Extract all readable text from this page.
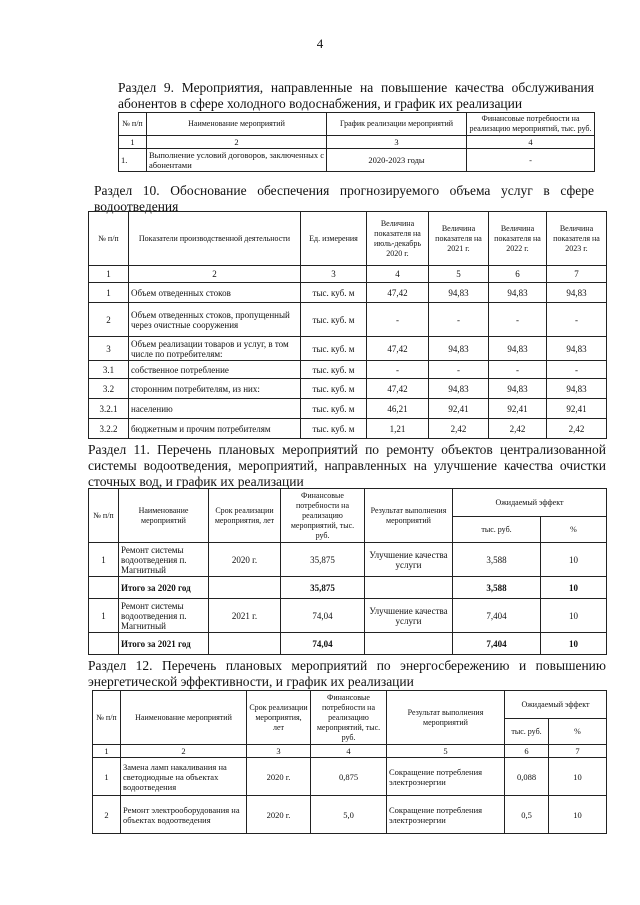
4
Раздел 9. Мероприятия, направленные на повышение качества обслуживания абонентов в сфере холодного водоснабжения, и график их реализации
№ п/п	Наименование мероприятий	График реализации мероприятий	Финансовые потребности на реализацию мероприятий, тыс. руб.
1	2	3	4
1.	Выполнение условий договоров, заключенных с абонентами	2020-2023 годы	-
Раздел 10. Обоснование обеспечения прогнозируемого объема услуг в сфере водоотведения
№ п/п	Показатели производственной деятельности	Ед. измерения	Величина показателя на июль-декабрь 2020 г.	Величина показателя на 2021 г.	Величина показателя на 2022 г.	Величина показателя на 2023 г.
1	2	3	4	5	6	7
1	Объем отведенных стоков	тыс. куб. м	47,42	94,83	94,83	94,83
2	Объем отведенных стоков, пропущенный через очистные сооружения	тыс. куб. м	-	-	-	-
3	Объем реализации товаров и услуг, в том числе по потребителям:	тыс. куб. м	47,42	94,83	94,83	94,83
3.1	собственное потребление	тыс. куб. м	-	-	-	-
3.2	сторонним потребителям, из них:	тыс. куб. м	47,42	94,83	94,83	94,83
3.2.1	населению	тыс. куб. м	46,21	92,41	92,41	92,41
3.2.2	бюджетным и прочим потребителям	тыс. куб. м	1,21	2,42	2,42	2,42
Раздел 11. Перечень плановых мероприятий по ремонту объектов централизованной системы водоотведения, мероприятий, направленных на улучшение качества очистки сточных вод, и график их реализации
№ п/п	Наименование мероприятий	Срок реализации мероприятия, лет	Финансовые потребности на реализацию мероприятий, тыс. руб.	Результат выполнения мероприятий	Ожидаемый эффект	
					тыс. руб.	%
1	Ремонт системы водоотведения п. Магнитный	2020 г.	35,875	Улучшение качества услуги	3,588	10
	Итого за 2020 год		35,875		3,588	10
1	Ремонт системы водоотведения п. Магнитный	2021 г.	74,04	Улучшение качества услуги	7,404	10
	Итого за 2021 год		74,04		7,404	10
Раздел 12. Перечень плановых мероприятий по энергосбережению и повышению энергетической эффективности, и график их реализации
№ п/п	Наименование мероприятий	Срок реализации мероприятия, лет	Финансовые потребности на реализацию мероприятий, тыс. руб.	Результат выполнения мероприятий	Ожидаемый эффект	
					тыс. руб.	%
1	2	3	4	5	6	7
1	Замена ламп накаливания на светодиодные на объектах водоотведения	2020 г.	0,875	Сокращение потребления электроэнергии	0,088	10
2	Ремонт электрооборудования на объектах водоотведения	2020 г.	5,0	Сокращение потребления электроэнергии	0,5	10
